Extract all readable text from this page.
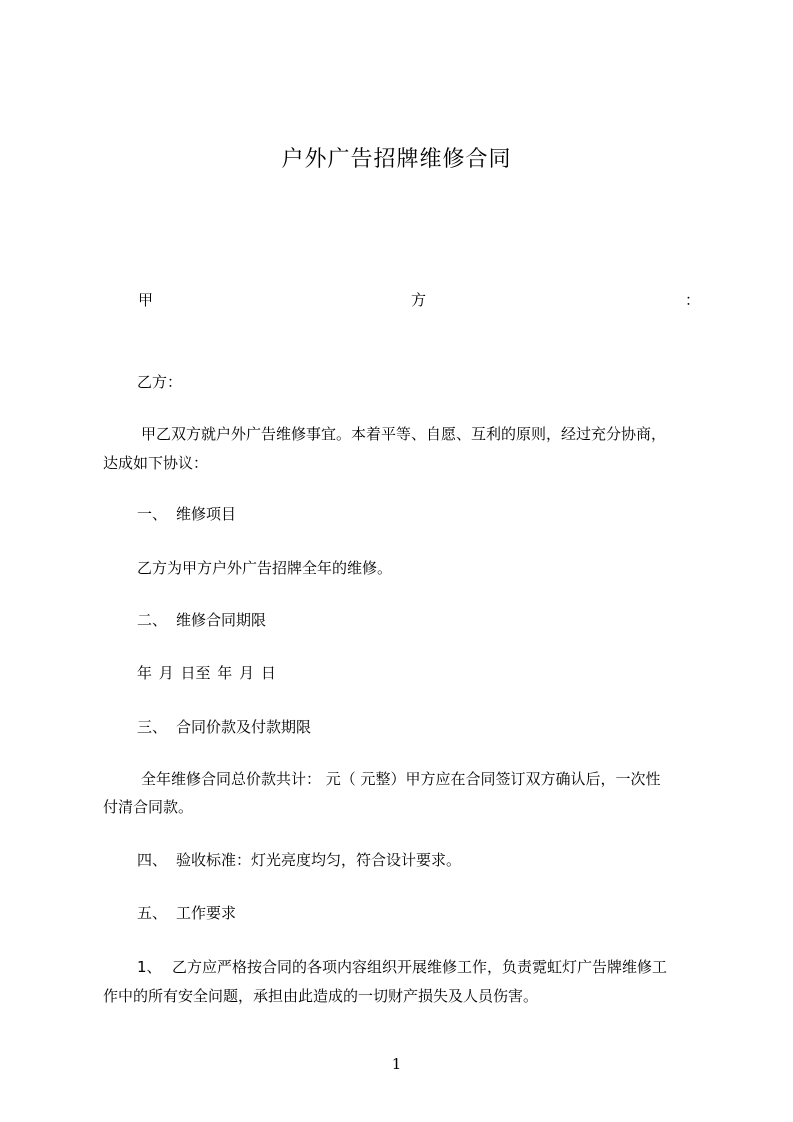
户外广告招牌维修合同
甲	方	：
乙方：
甲乙双方就户外广告维修事宜。本着平等、自愿、互利的原则，经过充分协商，
达成如下协议：
一、 维修项目
乙方为甲方户外广告招牌全年的维修。
二、 维修合同期限
年 月 日至 年 月 日
三、 合同价款及付款期限
全年维修合同总价款共计： 元（ 元整）甲方应在合同签订双方确认后，一次性
付清合同款。
四、 验收标准：灯光亮度均匀，符合设计要求。
五、 工作要求
1、 乙方应严格按合同的各项内容组织开展维修工作，负责霓虹灯广告牌维修工
作中的所有安全问题，承担由此造成的一切财产损失及人员伤害。
1
